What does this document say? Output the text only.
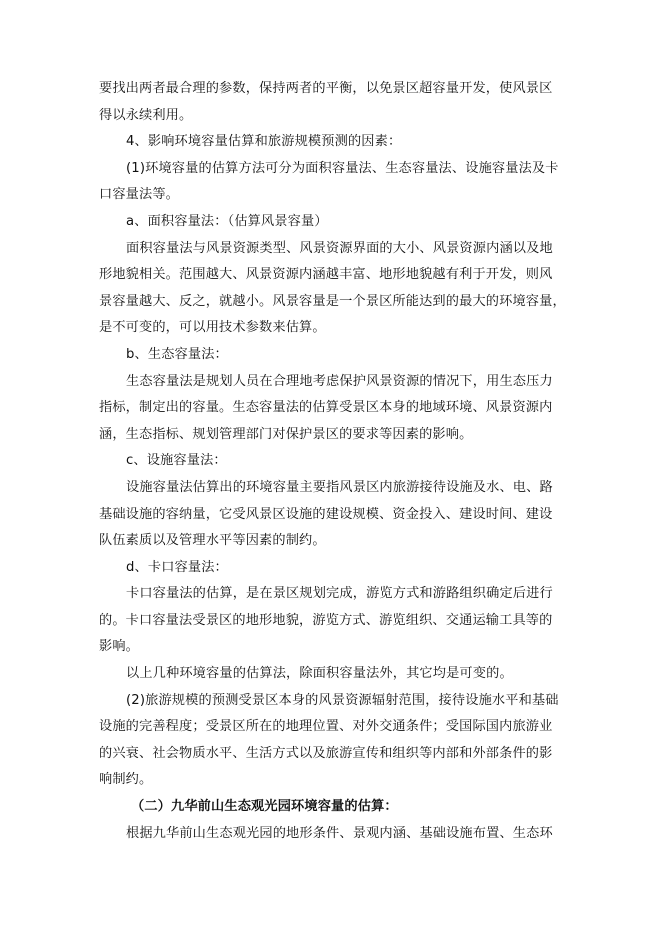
要找出两者最合理的参数，保持两者的平衡，以免景区超容量开发，使风景区
得以永续利用。
4、影响环境容量估算和旅游规模预测的因素：
(1)环境容量的估算方法可分为面积容量法、生态容量法、设施容量法及卡
口容量法等。
a、面积容量法：（估算风景容量）
面积容量法与风景资源类型、风景资源界面的大小、风景资源内涵以及地
形地貌相关。范围越大、风景资源内涵越丰富、地形地貌越有利于开发，则风
景容量越大、反之，就越小。风景容量是一个景区所能达到的最大的环境容量，
是不可变的，可以用技术参数来估算。
b、生态容量法：
生态容量法是规划人员在合理地考虑保护风景资源的情况下，用生态压力
指标，制定出的容量。生态容量法的估算受景区本身的地域环境、风景资源内
涵，生态指标、规划管理部门对保护景区的要求等因素的影响。
c、设施容量法：
设施容量法估算出的环境容量主要指风景区内旅游接待设施及水、电、路
基础设施的容纳量，它受风景区设施的建设规模、资金投入、建设时间、建设
队伍素质以及管理水平等因素的制约。
d、卡口容量法：
卡口容量法的估算，是在景区规划完成，游览方式和游路组织确定后进行
的。卡口容量法受景区的地形地貌，游览方式、游览组织、交通运输工具等的
影响。
以上几种环境容量的估算法，除面积容量法外，其它均是可变的。
(2)旅游规模的预测受景区本身的风景资源辐射范围，接待设施水平和基础
设施的完善程度；受景区所在的地理位置、对外交通条件；受国际国内旅游业
的兴衰、社会物质水平、生活方式以及旅游宣传和组织等内部和外部条件的影
响制约。
（二）九华前山生态观光园环境容量的估算：
根据九华前山生态观光园的地形条件、景观内涵、基础设施布置、生态环
